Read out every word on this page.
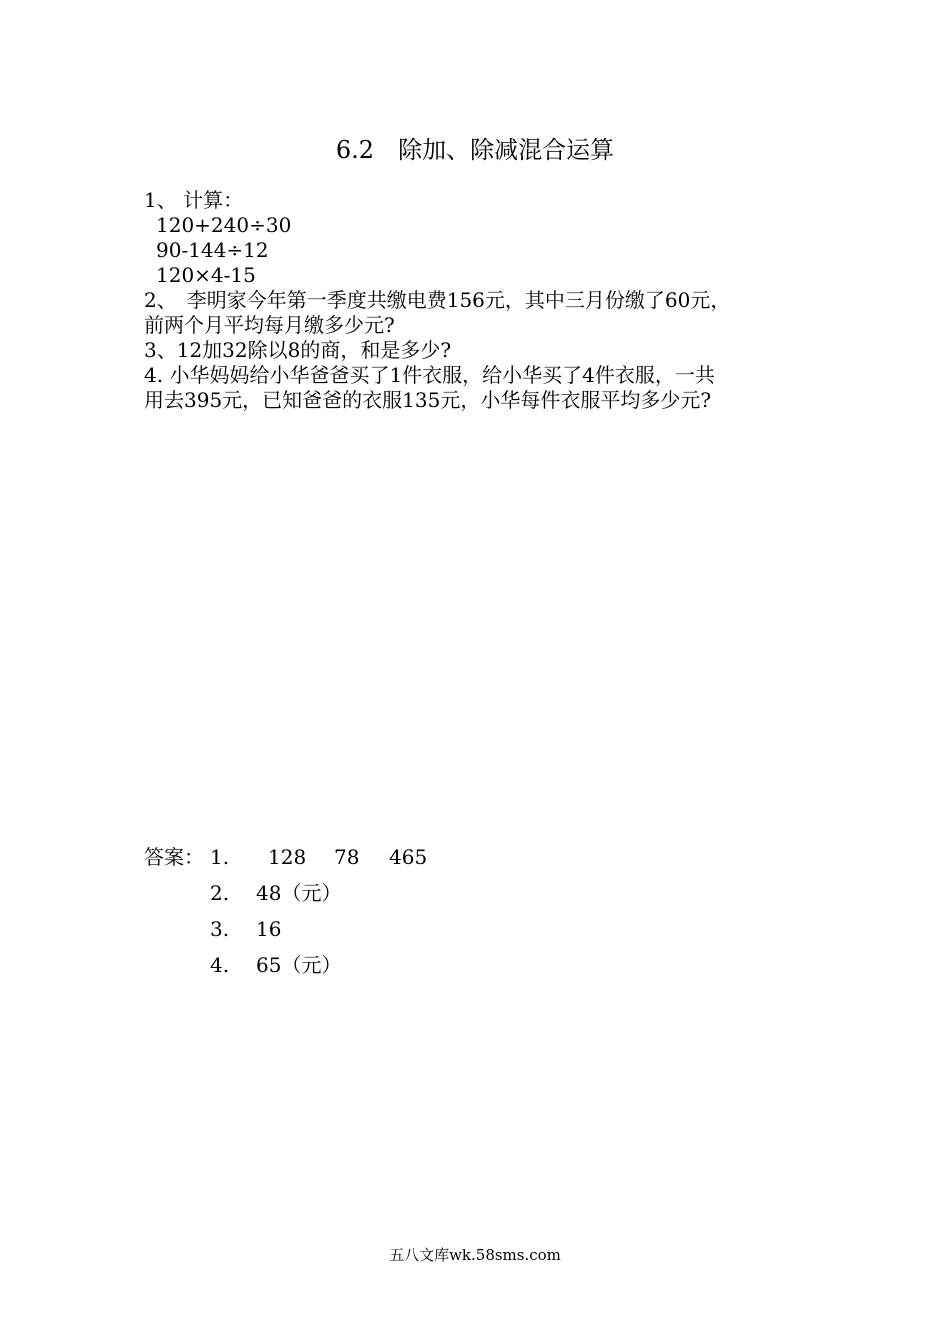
6.2　除加、除减混合运算
1、 计算：
120+240÷30
90-144÷12
120×4-15
2、　李明家今年第一季度共缴电费156元，其中三月份缴了60元，
前两个月平均每月缴多少元?
3、12加32除以8的商，和是多少?
4. 小华妈妈给小华爸爸买了1件衣服，给小华买了4件衣服，一共
用去395元，已知爸爸的衣服135元，小华每件衣服平均多少元?
答案： 1. 128 78 465
2. 48（元）
3. 16
4. 65（元）
五八文库wk.58sms.com
